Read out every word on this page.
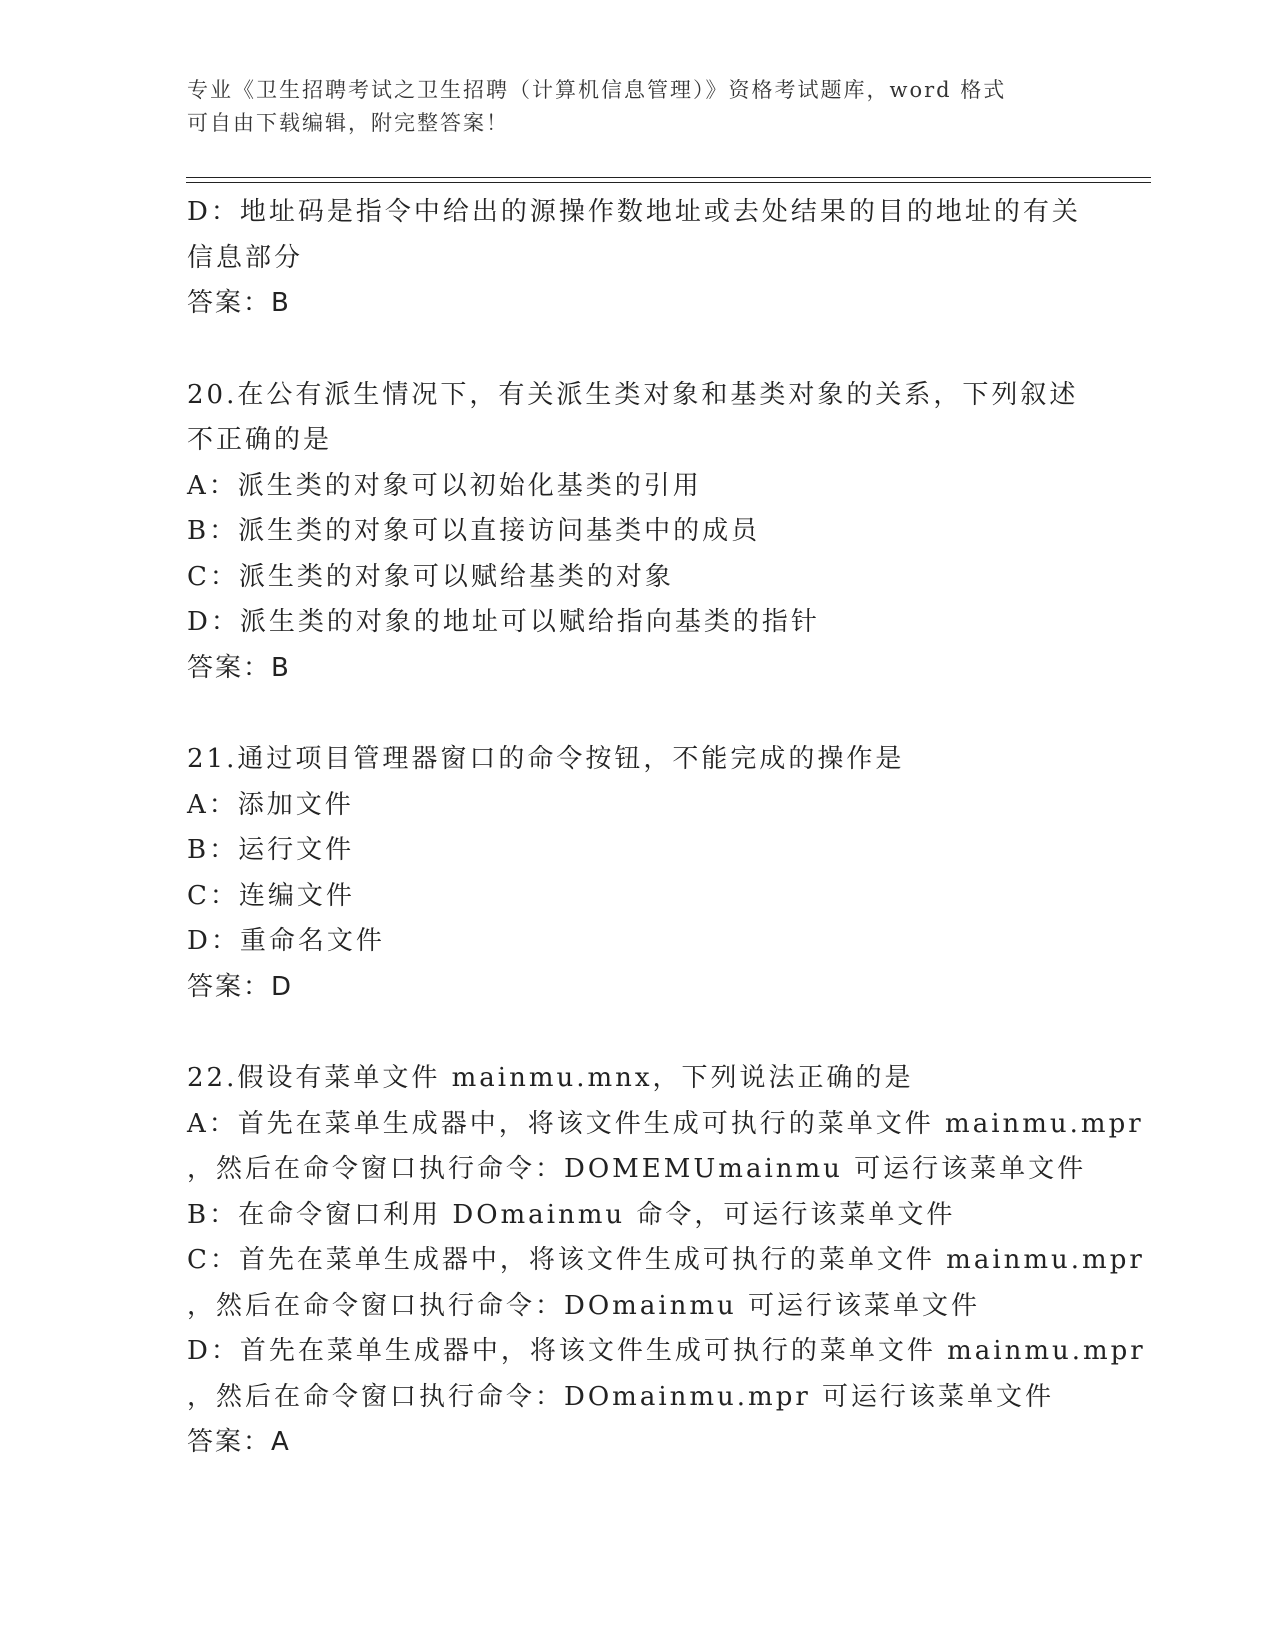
专业《卫生招聘考试之卫生招聘（计算机信息管理）》资格考试题库，word 格式
可自由下载编辑，附完整答案！
D：地址码是指令中给出的源操作数地址或去处结果的目的地址的有关
信息部分
答案：B
20.在公有派生情况下，有关派生类对象和基类对象的关系，下列叙述
不正确的是
A：派生类的对象可以初始化基类的引用
B：派生类的对象可以直接访问基类中的成员
C：派生类的对象可以赋给基类的对象
D：派生类的对象的地址可以赋给指向基类的指针
答案：B
21.通过项目管理器窗口的命令按钮，不能完成的操作是
A：添加文件
B：运行文件
C：连编文件
D：重命名文件
答案：D
22.假设有菜单文件 mainmu.mnx，下列说法正确的是
A：首先在菜单生成器中，将该文件生成可执行的菜单文件 mainmu.mpr
，然后在命令窗口执行命令：DOMEMUmainmu 可运行该菜单文件
B：在命令窗口利用 DOmainmu 命令，可运行该菜单文件
C：首先在菜单生成器中，将该文件生成可执行的菜单文件 mainmu.mpr
，然后在命令窗口执行命令：DOmainmu 可运行该菜单文件
D：首先在菜单生成器中，将该文件生成可执行的菜单文件 mainmu.mpr
，然后在命令窗口执行命令：DOmainmu.mpr 可运行该菜单文件
答案：A
